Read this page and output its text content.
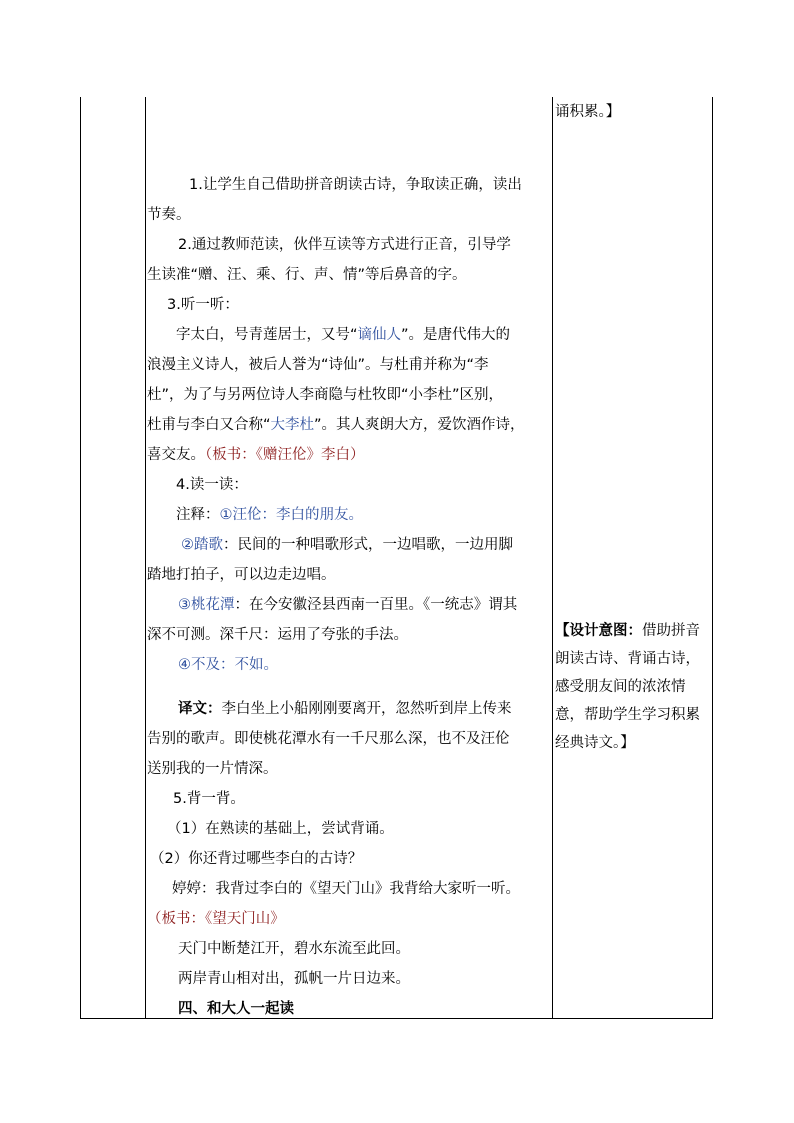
诵积累。】
1.让学生自己借助拼音朗读古诗，争取读正确，读出
节奏。
2.通过教师范读，伙伴互读等方式进行正音，引导学
生读准“赠、汪、乘、行、声、情”等后鼻音的字。
3.听一听：
字太白，号青莲居士，又号“谪仙人”。是唐代伟大的
浪漫主义诗人，被后人誉为“诗仙”。与杜甫并称为“李
杜”，为了与另两位诗人李商隐与杜牧即“小李杜”区别，
杜甫与李白又合称“大李杜”。其人爽朗大方，爱饮酒作诗，
喜交友。（板书：《赠汪伦》李白）
4.读一读：
注释：①汪伦：李白的朋友。
②踏歌：民间的一种唱歌形式，一边唱歌，一边用脚
踏地打拍子，可以边走边唱。
③桃花潭：在今安徽泾县西南一百里。《一统志》谓其
深不可测。深千尺：运用了夸张的手法。
④不及：不如。
译文：李白坐上小船刚刚要离开，忽然听到岸上传来
告别的歌声。即使桃花潭水有一千尺那么深，也不及汪伦
送别我的一片情深。
5.背一背。
（1）在熟读的基础上，尝试背诵。
（2）你还背过哪些李白的古诗？
婷婷：我背过李白的《望天门山》我背给大家听一听。
（板书：《望天门山》
天门中断楚江开，碧水东流至此回。
两岸青山相对出，孤帆一片日边来。
四、和大人一起读
【设计意图：借助拼音
朗读古诗、背诵古诗，
感受朋友间的浓浓情
意，帮助学生学习积累
经典诗文。】
